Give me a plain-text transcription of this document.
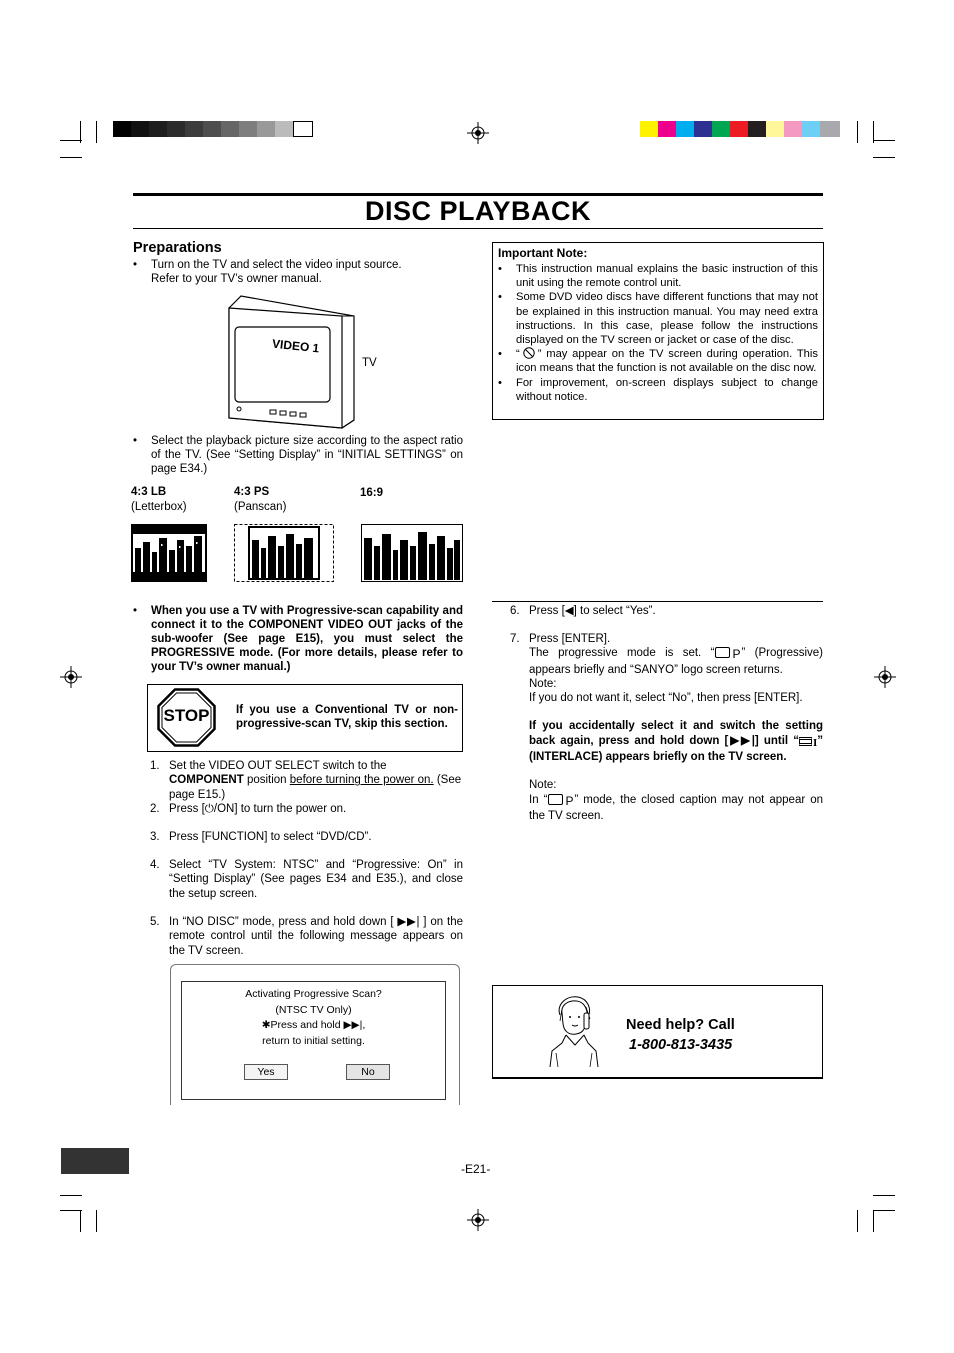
DISC PLAYBACK
Preparations
• Turn on the TV and select the video input source.
Refer to your TV’s owner manual.
VIDEO 1
TV
• Select the playback picture size according to the aspect ratio of the TV. (See “Setting Display” in “INITIAL SETTINGS” on page E34.)
4:3 LB
(Letterbox)
4:3 PS
(Panscan)
16:9
Important Note:
• This instruction manual explains the basic instruction of this unit using the remote control unit.
• Some DVD video discs have different functions that may not be explained in this instruction manual. You may need extra instructions. In this case, please follow the instructions displayed on the TV screen or jacket or case of the disc.
• “ ” may appear on the TV screen during operation. This icon means that the function is not available on the disc now.
• For improvement, on-screen displays subject to change without notice.
• When you use a TV with Progressive-scan capability and connect it to the COMPONENT VIDEO OUT jacks of the sub-woofer (See page E15), you must select the PROGRESSIVE mode. (For more details, please refer to your TV’s owner manual.)
STOP	If you use a Conventional TV or non-progressive-scan TV, skip this section.
1. Set the VIDEO OUT SELECT switch to the COMPONENT position before turning the power on. (See page E15.)
2. Press [⏻/ON] to turn the power on.
3. Press [FUNCTION] to select “DVD/CD”.
4. Select “TV System: NTSC” and “Progressive: On” in “Setting Display” (See pages E34 and E35.), and close the setup screen.
5. In “NO DISC” mode, press and hold down [ ▶▶| ] on the remote control until the following message appears on the TV screen.
Activating Progressive Scan?
(NTSC TV Only)
✱Press and hold ▶▶|,
return to initial setting.
Yes	No
6. Press [◀] to select “Yes”.
7. Press [ENTER].
The progressive mode is set. “ P” (Progressive) appears briefly and “SANYO” logo screen returns.
Note:
If you do not want it, select “No”, then press [ENTER].
If you accidentally select it and switch the setting back again, press and hold down [▶▶|] until “ I” (INTERLACE) appears briefly on the TV screen.
Note:
In “ P” mode, the closed caption may not appear on the TV screen.
Need help? Call
1-800-813-3435
-E21-
